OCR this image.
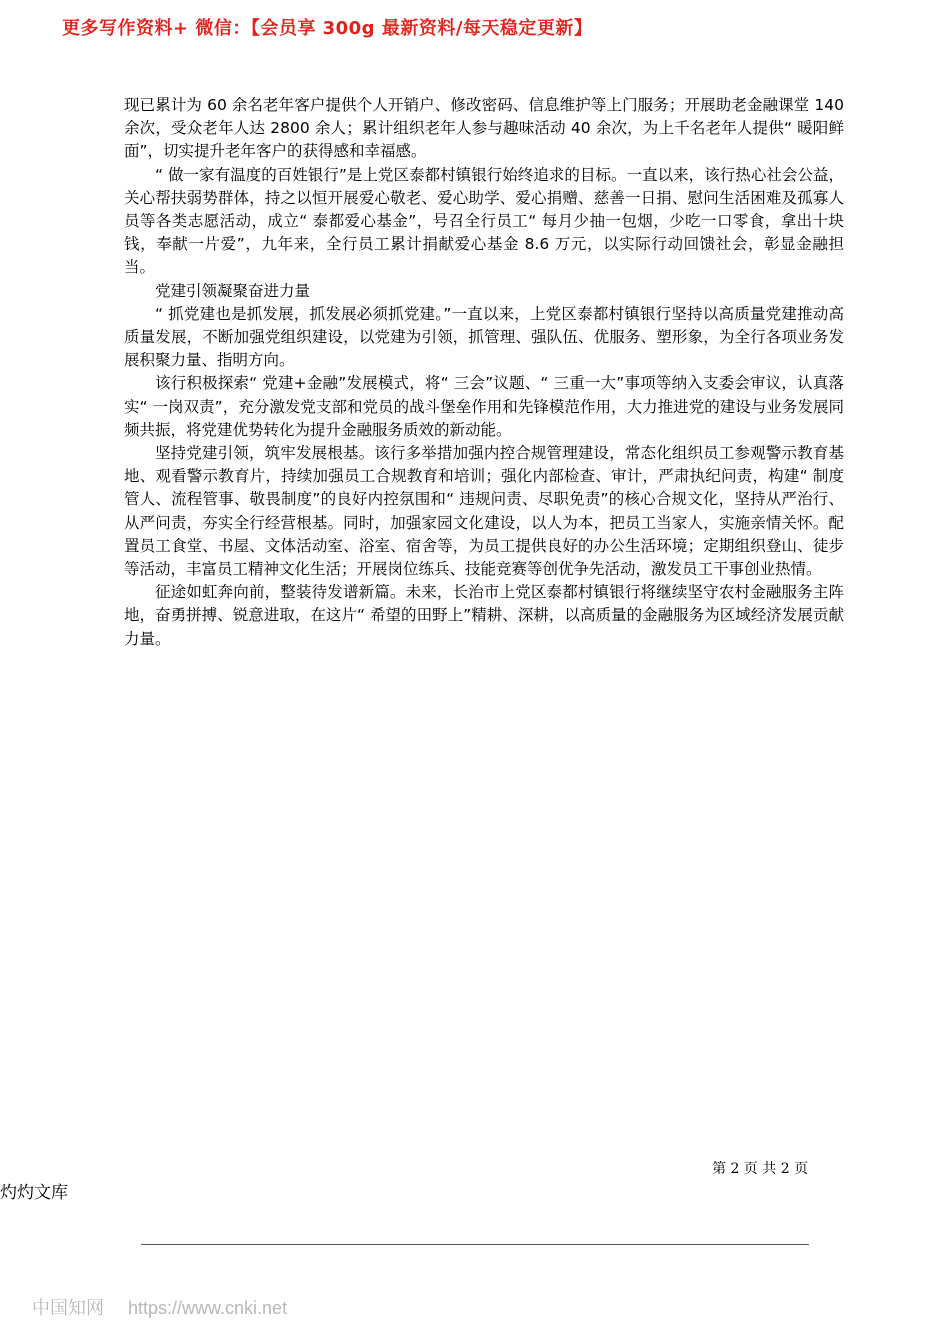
更多写作资料+ 微信：【会员享 300g 最新资料/每天稳定更新】

现已累计为 60 余名老年客户提供个人开销户、修改密码、信息维护等上门服务；开展助老金融课堂 140 余次，受众老年人达 2800 余人；累计组织老年人参与趣味活动 40 余次，为上千名老年人提供“ 暖阳鲜面”，切实提升老年客户的获得感和幸福感。

“ 做一家有温度的百姓银行”是上党区泰都村镇银行始终追求的目标。一直以来，该行热心社会公益，关心帮扶弱势群体，持之以恒开展爱心敬老、爱心助学、爱心捐赠、慈善一日捐、慰问生活困难及孤寡人员等各类志愿活动，成立“ 泰都爱心基金”，号召全行员工“ 每月少抽一包烟，少吃一口零食，拿出十块钱，奉献一片爱”，九年来，全行员工累计捐献爱心基金 8.6 万元，以实际行动回馈社会，彰显金融担当。

党建引领凝聚奋进力量

“ 抓党建也是抓发展，抓发展必须抓党建。”一直以来，上党区泰都村镇银行坚持以高质量党建推动高质量发展，不断加强党组织建设，以党建为引领，抓管理、强队伍、优服务、塑形象，为全行各项业务发展积聚力量、指明方向。

该行积极探索“ 党建+金融”发展模式，将“ 三会”议题、“ 三重一大”事项等纳入支委会审议，认真落实“ 一岗双责”，充分激发党支部和党员的战斗堡垒作用和先锋模范作用，大力推进党的建设与业务发展同频共振，将党建优势转化为提升金融服务质效的新动能。

坚持党建引领，筑牢发展根基。该行多举措加强内控合规管理建设，常态化组织员工参观警示教育基地、观看警示教育片，持续加强员工合规教育和培训；强化内部检查、审计，严肃执纪问责，构建“ 制度管人、流程管事、敬畏制度”的良好内控氛围和“ 违规问责、尽职免责”的核心合规文化，坚持从严治行、从严问责，夯实全行经营根基。同时，加强家园文化建设，以人为本，把员工当家人，实施亲情关怀。配置员工食堂、书屋、文体活动室、浴室、宿舍等，为员工提供良好的办公生活环境；定期组织登山、徒步等活动，丰富员工精神文化生活；开展岗位练兵、技能竞赛等创优争先活动，激发员工干事创业热情。

征途如虹奔向前，整装待发谱新篇。未来，长治市上党区泰都村镇银行将继续坚守农村金融服务主阵地，奋勇拼搏、锐意进取，在这片“ 希望的田野上”精耕、深耕，以高质量的金融服务为区域经济发展贡献力量。

第 2 页 共 2 页
灼灼文库
中国知网 https://www.cnki.net
